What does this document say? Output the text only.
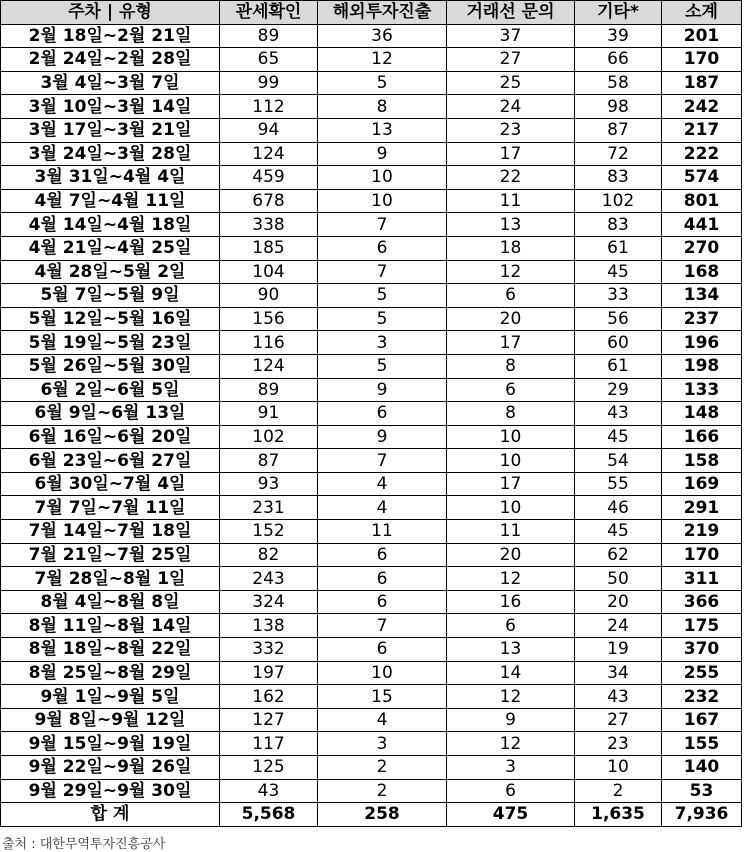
주차 | 유형	관세확인	해외투자진출	거래선 문의	기타*	소계
2월 18일~2월 21일	89	36	37	39	201
2월 24일~2월 28일	65	12	27	66	170
3월 4일~3월 7일	99	5	25	58	187
3월 10일~3월 14일	112	8	24	98	242
3월 17일~3월 21일	94	13	23	87	217
3월 24일~3월 28일	124	9	17	72	222
3월 31일~4월 4일	459	10	22	83	574
4월 7일~4월 11일	678	10	11	102	801
4월 14일~4월 18일	338	7	13	83	441
4월 21일~4월 25일	185	6	18	61	270
4월 28일~5월 2일	104	7	12	45	168
5월 7일~5월 9일	90	5	6	33	134
5월 12일~5월 16일	156	5	20	56	237
5월 19일~5월 23일	116	3	17	60	196
5월 26일~5월 30일	124	5	8	61	198
6월 2일~6월 5일	89	9	6	29	133
6월 9일~6월 13일	91	6	8	43	148
6월 16일~6월 20일	102	9	10	45	166
6월 23일~6월 27일	87	7	10	54	158
6월 30일~7월 4일	93	4	17	55	169
7월 7일~7월 11일	231	4	10	46	291
7월 14일~7월 18일	152	11	11	45	219
7월 21일~7월 25일	82	6	20	62	170
7월 28일~8월 1일	243	6	12	50	311
8월 4일~8월 8일	324	6	16	20	366
8월 11일~8월 14일	138	7	6	24	175
8월 18일~8월 22일	332	6	13	19	370
8월 25일~8월 29일	197	10	14	34	255
9월 1일~9월 5일	162	15	12	43	232
9월 8일~9월 12일	127	4	9	27	167
9월 15일~9월 19일	117	3	12	23	155
9월 22일~9월 26일	125	2	3	10	140
9월 29일~9월 30일	43	2	6	2	53
합 계	5,568	258	475	1,635	7,936
출처 : 대한무역투자진흥공사
